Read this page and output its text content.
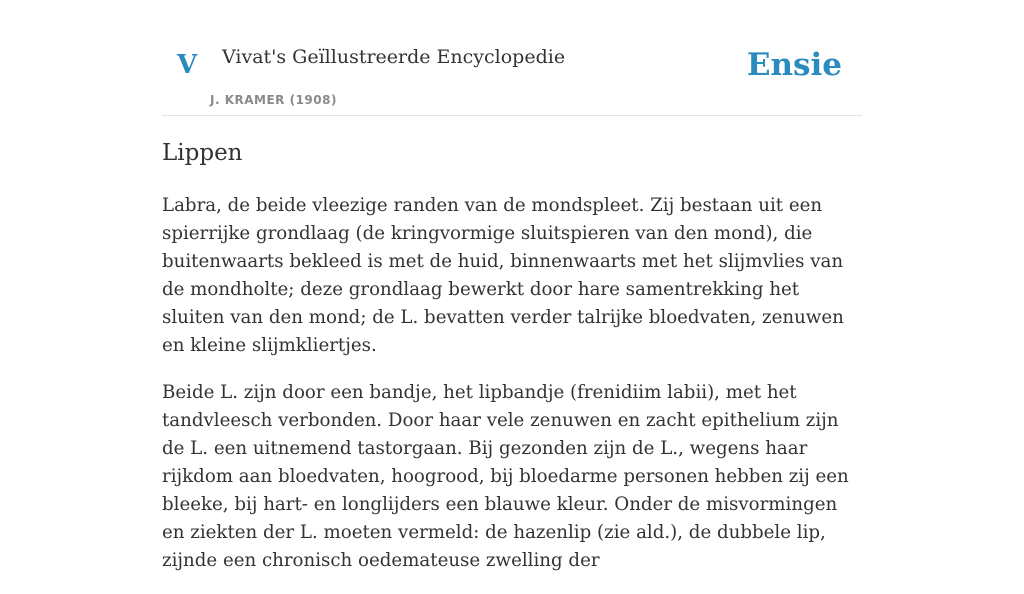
V Vivat's Geïllustreerde Encyclopedie
J. KRAMER (1908)
Ensie
Lippen

Labra, de beide vleezige randen van de mondspleet. Zij bestaan uit een spierrijke grondlaag (de kringvormige sluitspieren van den mond), die buitenwaarts bekleed is met de huid, binnenwaarts met het slijmvlies van de mondholte; deze grondlaag bewerkt door hare samentrekking het sluiten van den mond; de L. bevatten verder talrijke bloedvaten, zenuwen en kleine slijmkliertjes.

Beide L. zijn door een bandje, het lipbandje (frenidiim labii), met het tandvleesch verbonden. Door haar vele zenuwen en zacht epithelium zijn de L. een uitnemend tastorgaan. Bij gezonden zijn de L., wegens haar rijkdom aan bloedvaten, hoogrood, bij bloedarme personen hebben zij een bleeke, bij hart- en longlijders een blauwe kleur. Onder de misvormingen en ziekten der L. moeten vermeld: de hazenlip (zie ald.), de dubbele lip, zijnde een chronisch oedemateuse zwelling der
